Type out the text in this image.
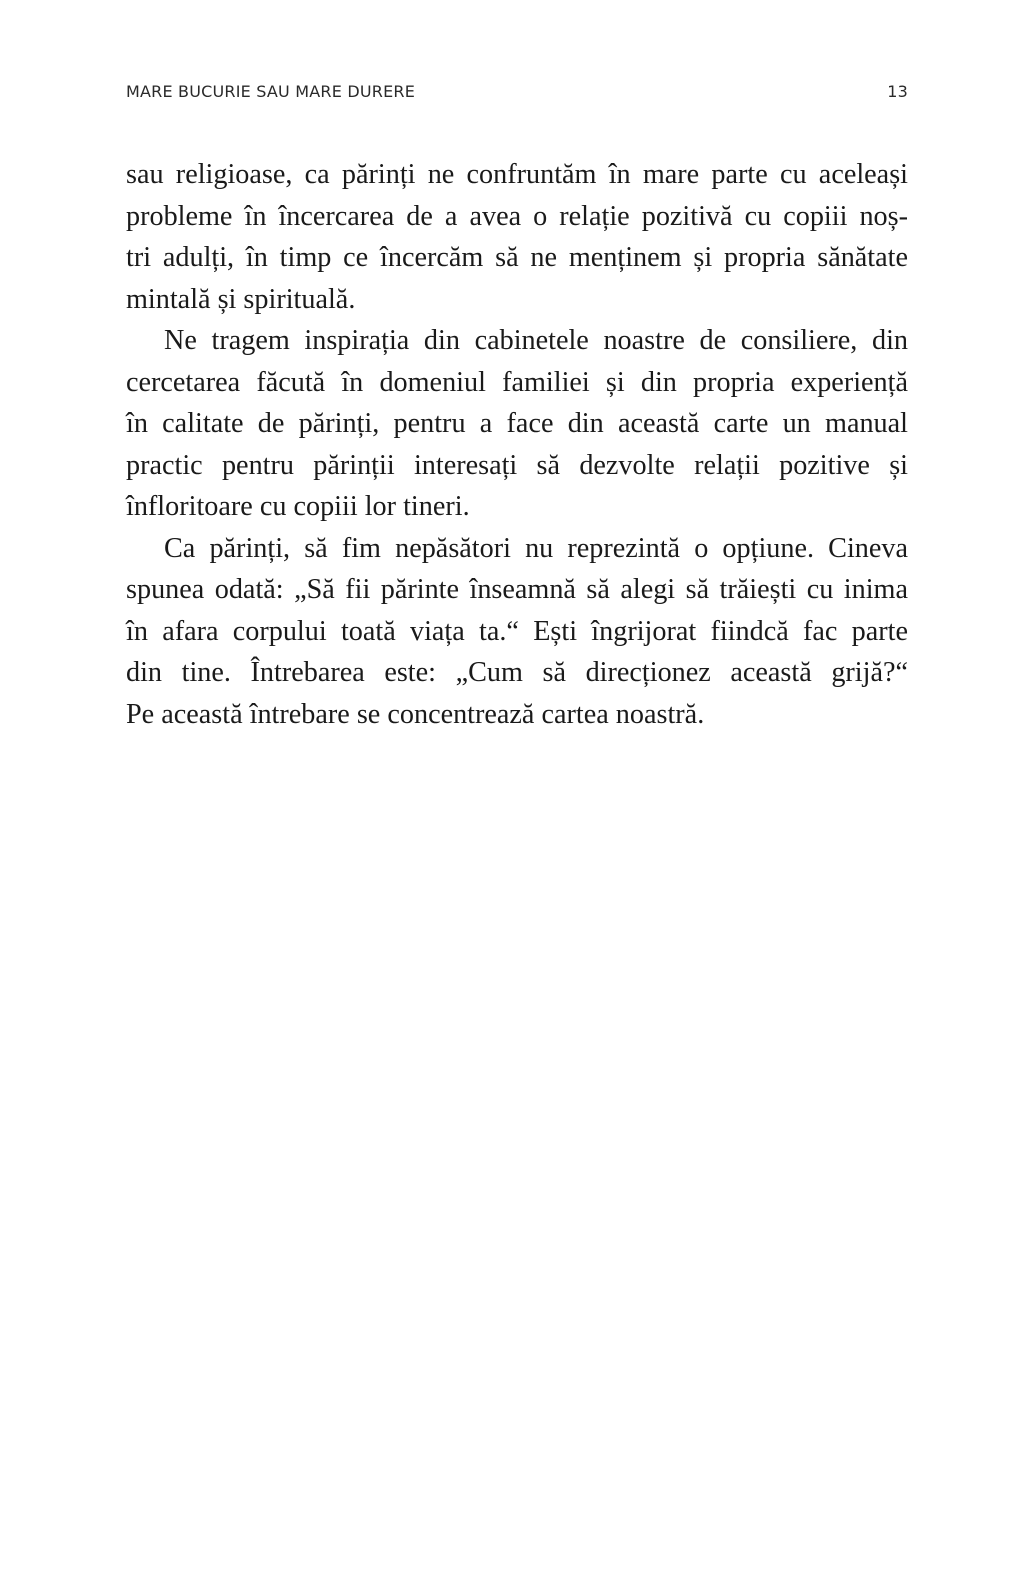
MARE BUCURIE SAU MARE DURERE	13

sau religioase, ca părinți ne confruntăm în mare parte cu aceleași
probleme în încercarea de a avea o relație pozitivă cu copiii noș-
tri adulți, în timp ce încercăm să ne menținem și propria sănătate
mintală și spirituală.

Ne tragem inspirația din cabinetele noastre de consiliere, din
cercetarea făcută în domeniul familiei și din propria experiență
în calitate de părinți, pentru a face din această carte un manual
practic pentru părinții interesați să dezvolte relații pozitive și
înfloritoare cu copiii lor tineri.

Ca părinți, să fim nepăsători nu reprezintă o opțiune. Cineva
spunea odată: „Să fii părinte înseamnă să alegi să trăiești cu inima
în afara corpului toată viața ta.“ Ești îngrijorat fiindcă fac parte
din tine. Întrebarea este: „Cum să direcționez această grijă?“
Pe această întrebare se concentrează cartea noastră.
